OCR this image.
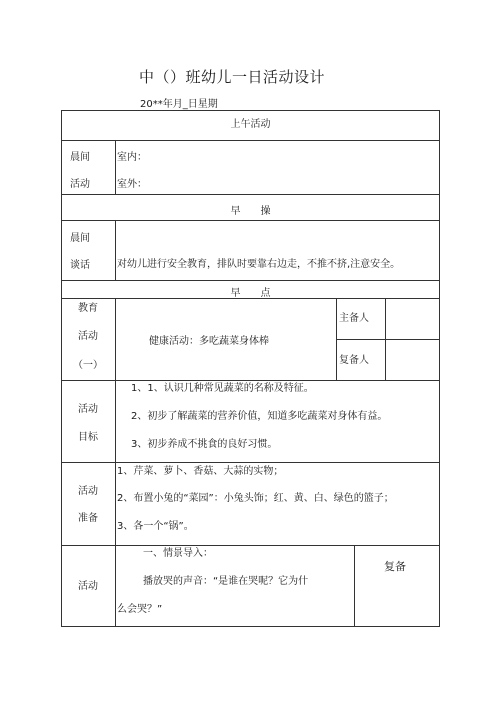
中（）班幼儿一日活动设计
20**年月_日星期
上午活动
晨间
活动
室内：
室外：
早　　操
晨间
谈话	对幼儿进行安全教育，排队时要靠右边走，不推不挤,注意安全。
早　　点
教育
活动
（一）
健康活动：多吃蔬菜身体棒
主备人
复备人
活动
目标
1、1、认识几种常见蔬菜的名称及特征。
2、初步了解蔬菜的营养价值，知道多吃蔬菜对身体有益。
3、初步养成不挑食的良好习惯。
活动
准备
1、芹菜、萝卜、香菇、大蒜的实物；
2、布置小兔的“菜园”：小兔头饰；红、黄、白、绿色的篮子；
3、各一个“锅”。
活动
一、情景导入：
播放哭的声音：“是谁在哭呢？它为什
么会哭？”
复备
